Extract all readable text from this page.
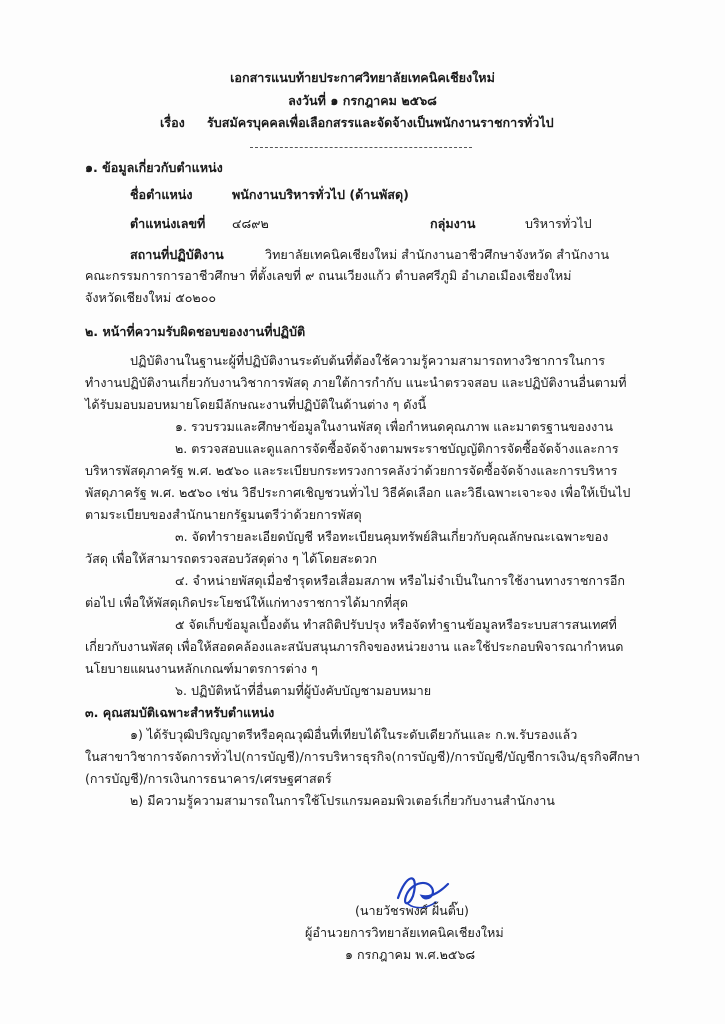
เอกสารแนบท้ายประกาศวิทยาลัยเทคนิคเชียงใหม่
ลงวันที่ ๑ กรกฎาคม ๒๕๖๘
เรื่อง รับสมัครบุคคลเพื่อเลือกสรรและจัดจ้างเป็นพนักงานราชการทั่วไป
๑. ข้อมูลเกี่ยวกับตำแหน่ง
ชื่อตำแหน่ง	พนักงานบริหารทั่วไป (ด้านพัสดุ)
ตำแหน่งเลขที่ ๔๘๙๒	กลุ่มงาน	บริหารทั่วไป
สถานที่ปฏิบัติงาน	วิทยาลัยเทคนิคเชียงใหม่ สำนักงานอาชีวศึกษาจังหวัด สำนักงาน
คณะกรรมการการอาชีวศึกษา ที่ตั้งเลขที่ ๙ ถนนเวียงแก้ว ตำบลศรีภูมิ อำเภอเมืองเชียงใหม่
จังหวัดเชียงใหม่ ๕๐๒๐๐
๒. หน้าที่ความรับผิดชอบของงานที่ปฏิบัติ
ปฏิบัติงานในฐานะผู้ที่ปฏิบัติงานระดับต้นที่ต้องใช้ความรู้ความสามารถทางวิชาการในการ
ทำงานปฏิบัติงานเกี่ยวกับงานวิชาการพัสดุ ภายใต้การกำกับ แนะนำตรวจสอบ และปฏิบัติงานอื่นตามที่
ได้รับมอบมอบหมายโดยมีลักษณะงานที่ปฏิบัติในด้านต่าง ๆ ดังนี้
๑. รวบรวมและศึกษาข้อมูลในงานพัสดุ เพื่อกำหนดคุณภาพ และมาตรฐานของงาน
๒. ตรวจสอบและดูแลการจัดซื้อจัดจ้างตามพระราชบัญญัติการจัดซื้อจัดจ้างและการ
บริหารพัสดุภาครัฐ พ.ศ. ๒๕๖๐ และระเบียบกระทรวงการคลังว่าด้วยการจัดซื้อจัดจ้างและการบริหาร
พัสดุภาครัฐ พ.ศ. ๒๕๖๐ เช่น วิธีประกาศเชิญชวนทั่วไป วิธีคัดเลือก และวิธีเฉพาะเจาะจง เพื่อให้เป็นไป
ตามระเบียบของสำนักนายกรัฐมนตรีว่าด้วยการพัสดุ
๓. จัดทำรายละเอียดบัญชี หรือทะเบียนคุมทรัพย์สินเกี่ยวกับคุณลักษณะเฉพาะของ
วัสดุ เพื่อให้สามารถตรวจสอบวัสดุต่าง ๆ ได้โดยสะดวก
๔. จำหน่ายพัสดุเมื่อชำรุดหรือเสื่อมสภาพ หรือไม่จำเป็นในการใช้งานทางราชการอีก
ต่อไป เพื่อให้พัสดุเกิดประโยชน์ให้แก่ทางราชการได้มากที่สุด
๕ จัดเก็บข้อมูลเบื้องต้น ทำสถิติปรับปรุง หรือจัดทำฐานข้อมูลหรือระบบสารสนเทศที่
เกี่ยวกับงานพัสดุ เพื่อให้สอดคล้องและสนับสนุนภารกิจของหน่วยงาน และใช้ประกอบพิจารณากำหนด
นโยบายแผนงานหลักเกณฑ์มาตรการต่าง ๆ
๖. ปฏิบัติหน้าที่อื่นตามที่ผู้บังคับบัญชามอบหมาย
๓. คุณสมบัติเฉพาะสำหรับตำแหน่ง
๑) ได้รับวุฒิปริญญาตรีหรือคุณวุฒิอื่นที่เทียบได้ในระดับเดียวกันและ ก.พ.รับรองแล้ว
ในสาขาวิชาการจัดการทั่วไป(การบัญชี)/การบริหารธุรกิจ(การบัญชี)/การบัญชี/บัญชีการเงิน/ธุรกิจศึกษา
(การบัญชี)/การเงินการธนาคาร/เศรษฐศาสตร์
๒) มีความรู้ความสามารถในการใช้โปรแกรมคอมพิวเตอร์เกี่ยวกับงานสำนักงาน
(นายวัชรพงศ์ ฝั้นติ๊บ)
ผู้อำนวยการวิทยาลัยเทคนิคเชียงใหม่
๑ กรกฎาคม พ.ศ.๒๕๖๘
